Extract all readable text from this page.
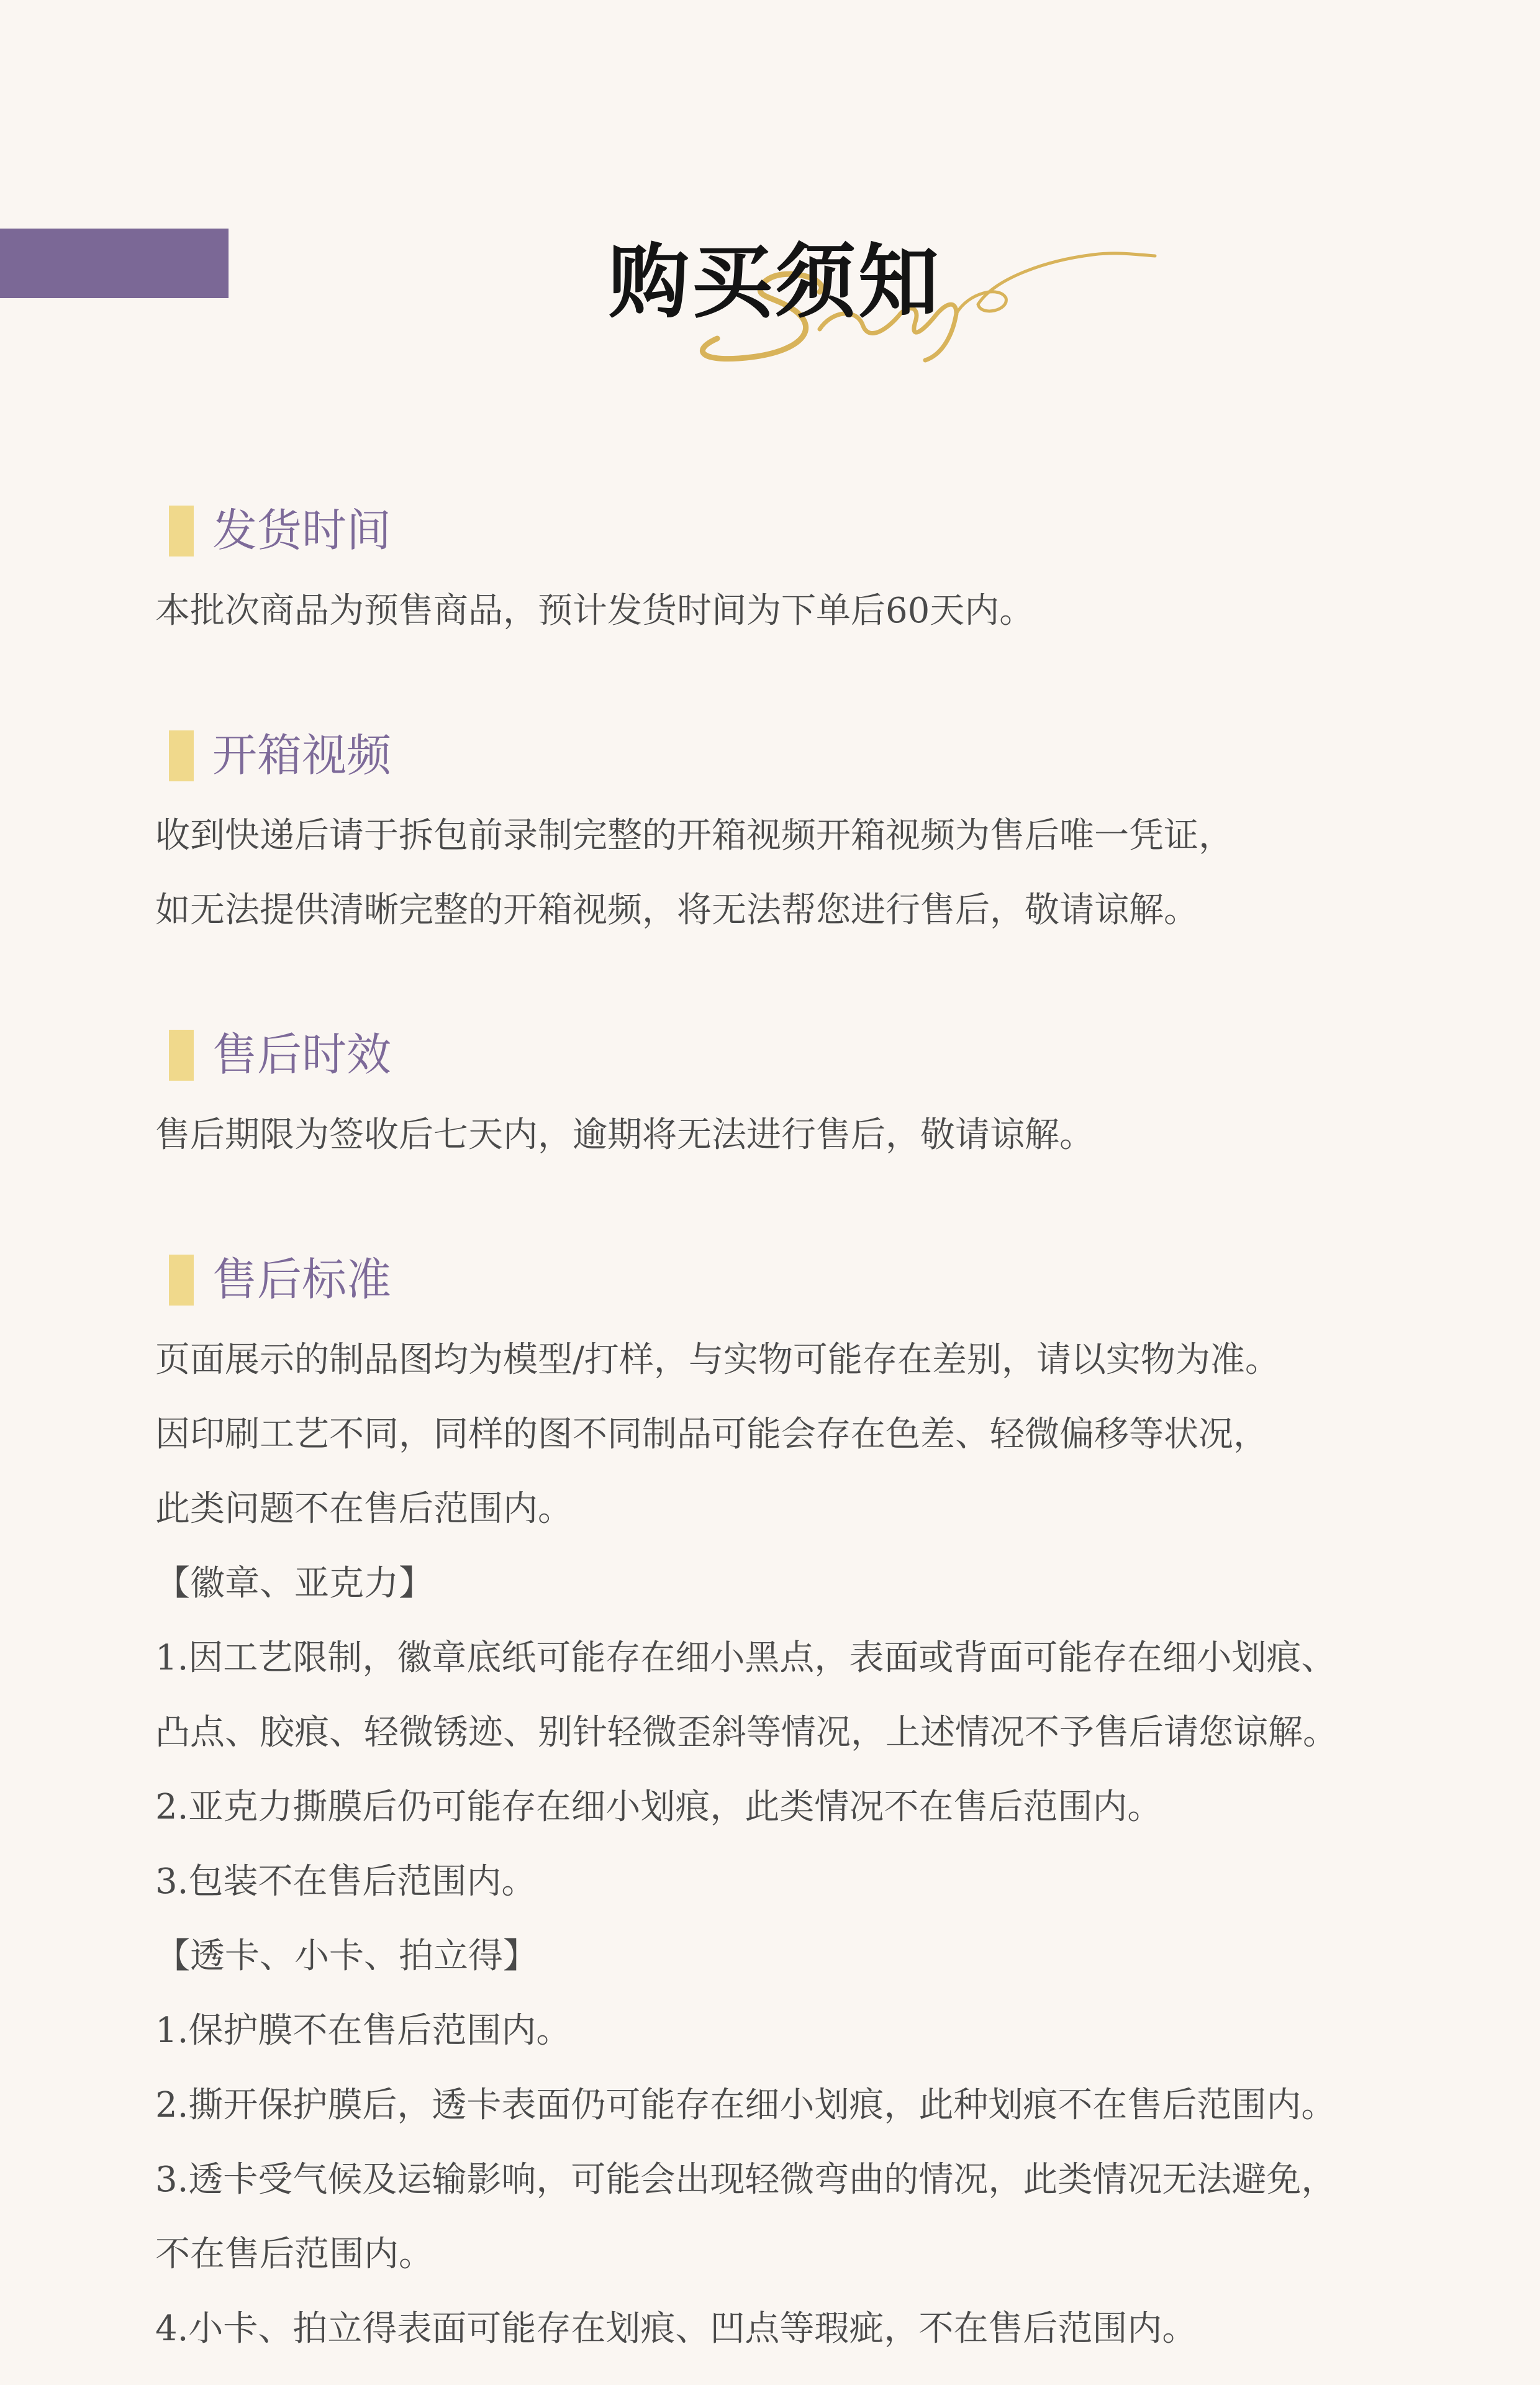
购买须知
发货时间
本批次商品为预售商品，预计发货时间为下单后60天内。
开箱视频
收到快递后请于拆包前录制完整的开箱视频开箱视频为售后唯一凭证，
如无法提供清晰完整的开箱视频，将无法帮您进行售后，敬请谅解。
售后时效
售后期限为签收后七天内，逾期将无法进行售后，敬请谅解。
售后标准
页面展示的制品图均为模型/打样，与实物可能存在差别，请以实物为准。
因印刷工艺不同，同样的图不同制品可能会存在色差、轻微偏移等状况，
此类问题不在售后范围内。
【徽章、亚克力】
1.因工艺限制，徽章底纸可能存在细小黑点，表面或背面可能存在细小划痕、
凸点、胶痕、轻微锈迹、别针轻微歪斜等情况，上述情况不予售后请您谅解。
2.亚克力撕膜后仍可能存在细小划痕，此类情况不在售后范围内。
3.包装不在售后范围内。
【透卡、小卡、拍立得】
1.保护膜不在售后范围内。
2.撕开保护膜后，透卡表面仍可能存在细小划痕，此种划痕不在售后范围内。
3.透卡受气候及运输影响，可能会出现轻微弯曲的情况，此类情况无法避免，
不在售后范围内。
4.小卡、拍立得表面可能存在划痕、凹点等瑕疵，不在售后范围内。
